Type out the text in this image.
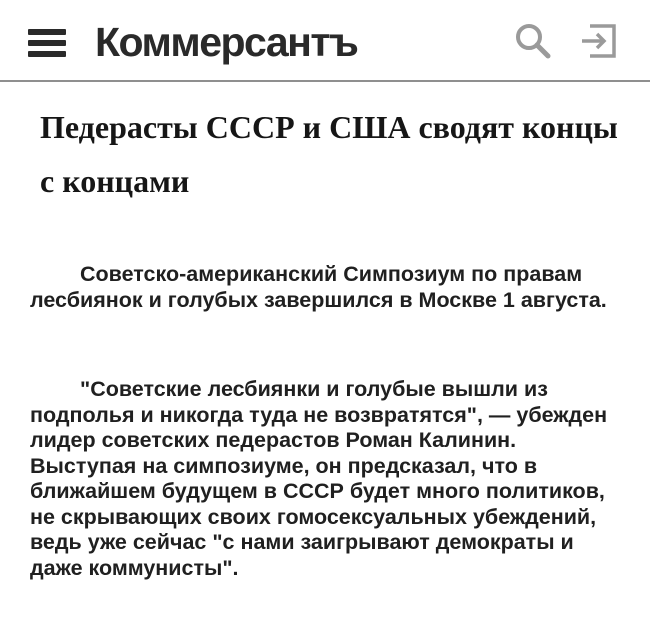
Коммерсантъ
Педерасты СССР и США сводят концы с концами

Советско-американский Симпозиум по правам лесбиянок и голубых завершился в Москве 1 августа.

"Советские лесбиянки и голубые вышли из подполья и никогда туда не возвратятся", — убежден лидер советских педерастов Роман Калинин. Выступая на симпозиуме, он предсказал, что в ближайшем будущем в СССР будет много политиков, не скрывающих своих гомосексуальных убеждений, ведь уже сейчас "с нами заигрывают демократы и даже коммунисты".
